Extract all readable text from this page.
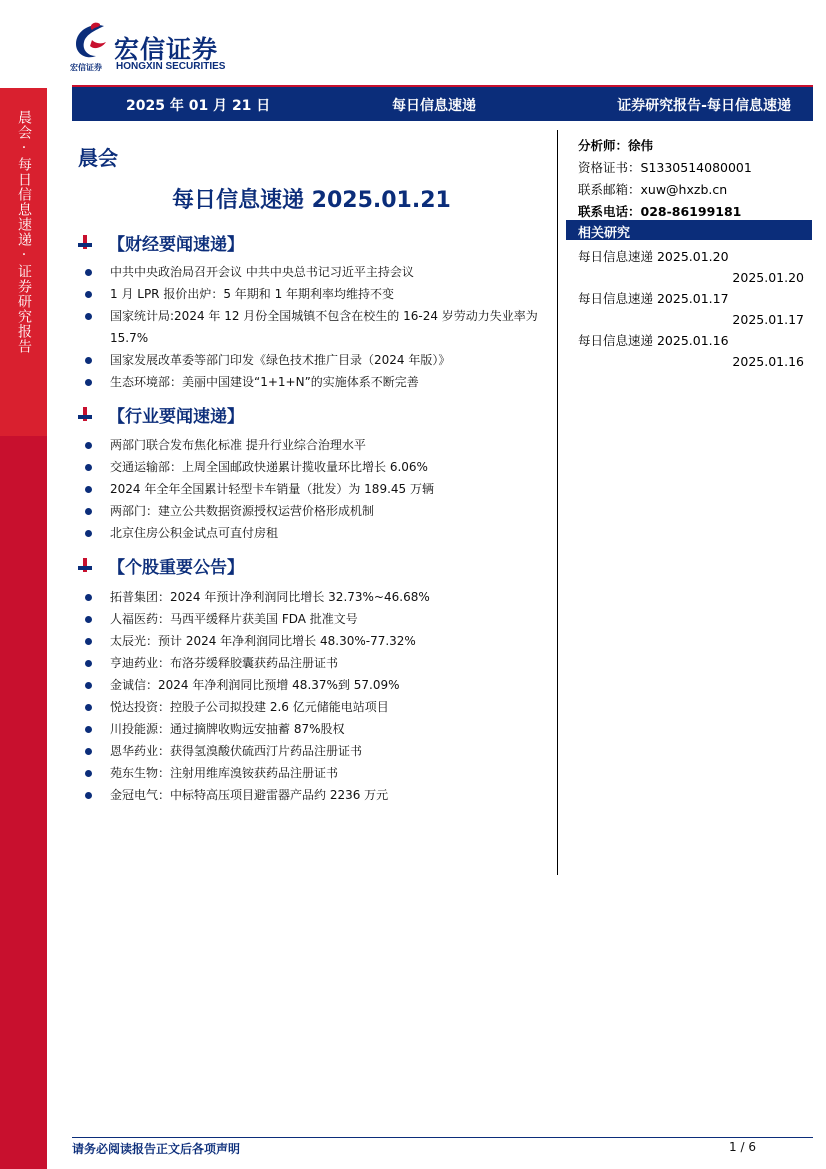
晨会·每日信息速递·证券研究报告
宏信证券
宏信证券 HONGXIN SECURITIES
2025 年 01 月 21 日	每日信息速递	证券研究报告-每日信息速递
晨会
每日信息速递 2025.01.21
【财经要闻速递】
中共中央政治局召开会议 中共中央总书记习近平主持会议
1 月 LPR 报价出炉：5 年期和 1 年期利率均维持不变
国家统计局:2024 年 12 月份全国城镇不包含在校生的 16-24 岁劳动力失业率为 15.7%
国家发展改革委等部门印发《绿色技术推广目录（2024 年版）》
生态环境部：美丽中国建设“1+1+N”的实施体系不断完善
【行业要闻速递】
两部门联合发布焦化标准 提升行业综合治理水平
交通运输部：上周全国邮政快递累计揽收量环比增长 6.06%
2024 年全年全国累计轻型卡车销量（批发）为 189.45 万辆
两部门：建立公共数据资源授权运营价格形成机制
北京住房公积金试点可直付房租
【个股重要公告】
拓普集团：2024 年预计净利润同比增长 32.73%~46.68%
人福医药：马西平缓释片获美国 FDA 批准文号
太辰光：预计 2024 年净利润同比增长 48.30%-77.32%
亨迪药业：布洛芬缓释胶囊获药品注册证书
金诚信：2024 年净利润同比预增 48.37%到 57.09%
悦达投资：控股子公司拟投建 2.6 亿元储能电站项目
川投能源：通过摘牌收购远安抽蓄 87%股权
恩华药业：获得氢溴酸伏硫西汀片药品注册证书
苑东生物：注射用维库溴铵获药品注册证书
金冠电气：中标特高压项目避雷器产品约 2236 万元
分析师：徐伟
资格证书：S1330514080001
联系邮箱：xuw@hxzb.cn
联系电话：028-86199181
相关研究
每日信息速递 2025.01.20
2025.01.20
每日信息速递 2025.01.17
2025.01.17
每日信息速递 2025.01.16
2025.01.16
请务必阅读报告正文后各项声明	1 / 6
